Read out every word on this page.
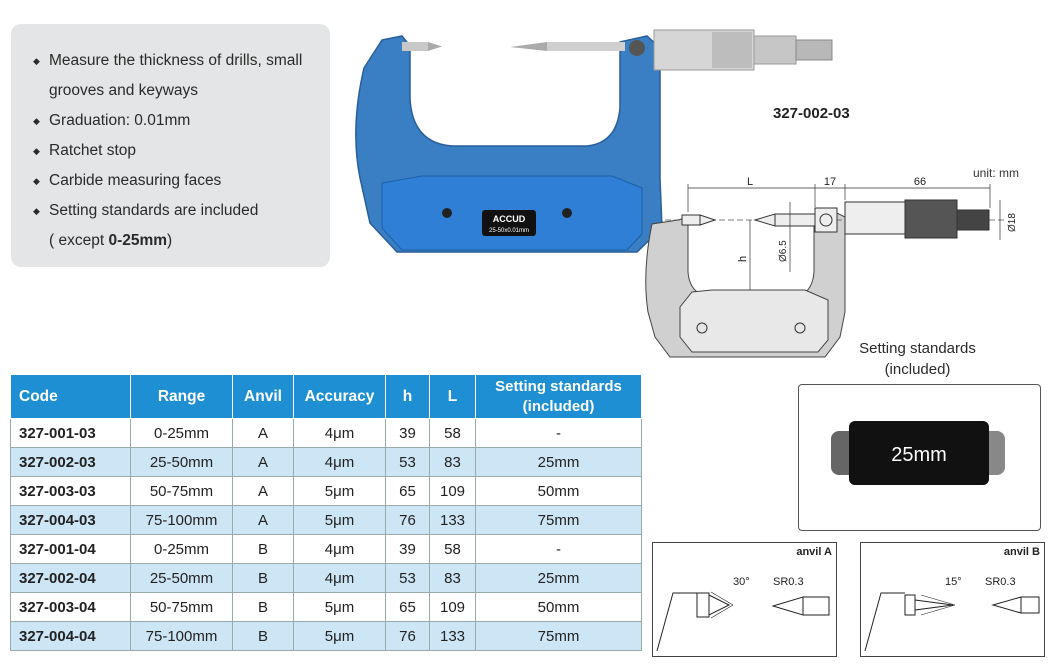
◆ Measure the thickness of drills, small
grooves and keyways
◆ Graduation: 0.01mm
◆ Ratchet stop
◆ Carbide measuring faces
◆ Setting standards are included
( except 0-25mm)
ACCUD
25-50x0.01mm
327-002-03
unit: mm
L	17	66
h	Ø6.5
Ø18
Setting standards
(included)
25mm
Code	Range	Anvil	Accuracy	h	L	Setting standards
(included)

327-001-03	0-25mm	A	4μm	39	58	-
327-002-03	25-50mm	A	4μm	53	83	25mm
327-003-03	50-75mm	A	5μm	65	109	50mm
327-004-03	75-100mm	A	5μm	76	133	75mm
327-001-04	0-25mm	B	4μm	39	58	-
327-002-04	25-50mm	B	4μm	53	83	25mm
327-003-04	50-75mm	B	5μm	65	109	50mm
327-004-04	75-100mm	B	5μm	76	133	75mm
anvil A
30° SR0.3
anvil B
15° SR0.3
